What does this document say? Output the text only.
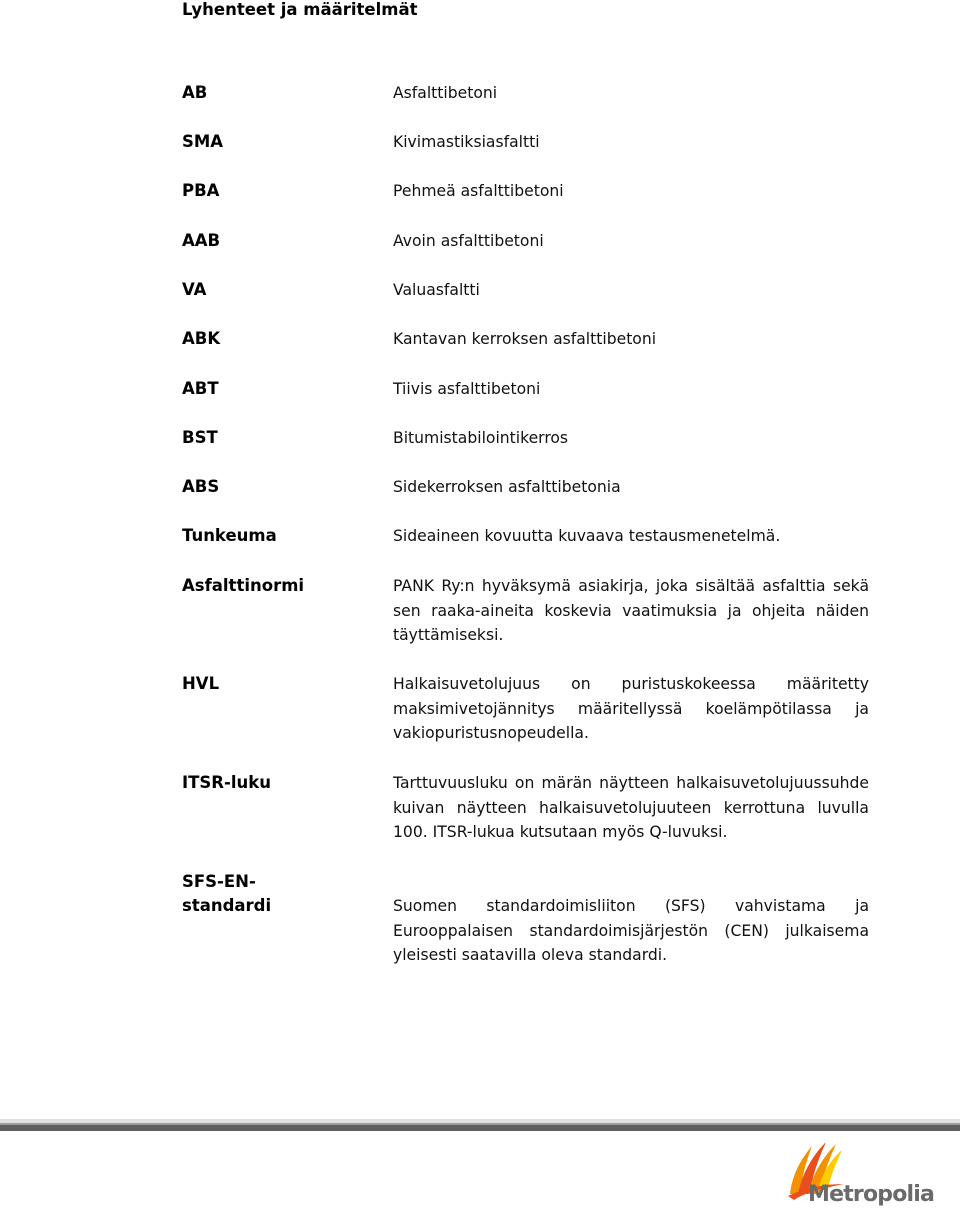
Lyhenteet ja määritelmät
AB	Asfalttibetoni
SMA	Kivimastiksiasfaltti
PBA	Pehmeä asfalttibetoni
AAB	Avoin asfalttibetoni
VA	Valuasfaltti
ABK	Kantavan kerroksen asfalttibetoni
ABT	Tiivis asfalttibetoni
BST	Bitumistabilointikerros
ABS	Sidekerroksen asfalttibetonia
Tunkeuma	Sideaineen kovuutta kuvaava testausmenetelmä.
Asfalttinormi	PANK Ry:n hyväksymä asiakirja, joka sisältää asfalttia sekä sen raaka-aineita koskevia vaatimuksia ja ohjeita näiden täyttämiseksi.
HVL	Halkaisuvetolujuus on puristuskokeessa määritetty maksimivetojännitys määritellyssä koelämpötilassa ja vakiopuristusnopeudella.
ITSR-luku	Tarttuvuusluku on märän näytteen halkaisuvetolujuussuhde kuivan näytteen halkaisuvetolujuuteen kerrottuna luvulla 100. ITSR-lukua kutsutaan myös Q-luvuksi.
SFS-EN-
standardi	Suomen standardoimisliiton (SFS) vahvistama ja Eurooppalaisen standardoimisjärjestön (CEN) julkaisema yleisesti saatavilla oleva standardi.
Metropolia
